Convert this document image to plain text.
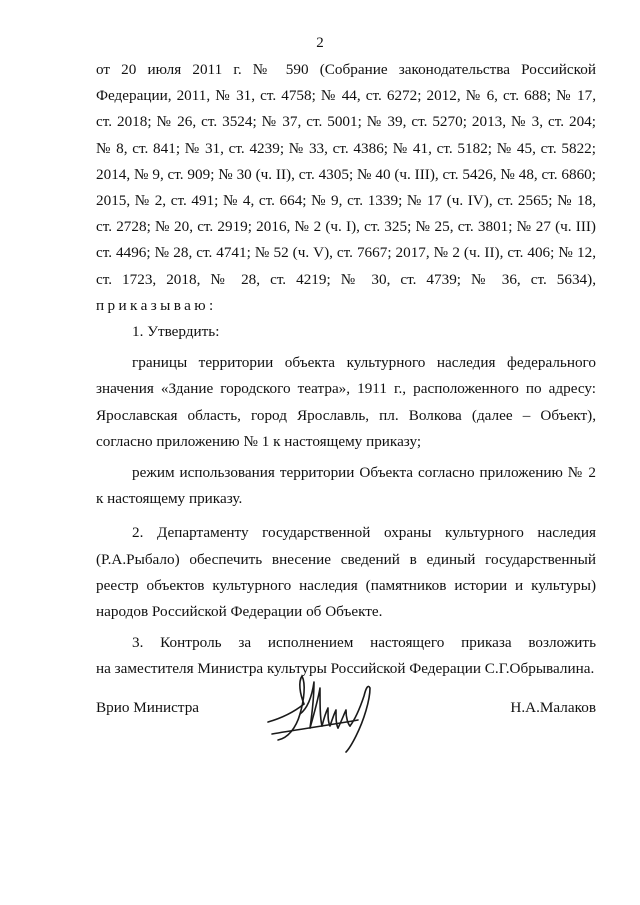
2

от 20 июля 2011 г. № 590 (Собрание законодательства Российской

Федерации, 2011, № 31, ст. 4758; № 44, ст. 6272; 2012, № 6, ст. 688; № 17,

ст. 2018; № 26, ст. 3524; № 37, ст. 5001; № 39, ст. 5270; 2013, № 3, ст. 204;

№ 8, ст. 841; № 31, ст. 4239; № 33, ст. 4386; № 41, ст. 5182; № 45, ст. 5822;

2014, № 9, ст. 909; № 30 (ч. II), ст. 4305; № 40 (ч. III), ст. 5426, № 48, ст. 6860;

2015, № 2, ст. 491; № 4, ст. 664; № 9, ст. 1339; № 17 (ч. IV), ст. 2565; № 18,

ст. 2728; № 20, ст. 2919; 2016, № 2 (ч. I), ст. 325; № 25, ст. 3801; № 27 (ч. III)

ст. 4496; № 28, ст. 4741; № 52 (ч. V), ст. 7667; 2017, № 2 (ч. II), ст. 406; № 12,

ст. 1723, 2018, № 28, ст. 4219; № 30, ст. 4739; № 36, ст. 5634),

приказываю:

1. Утвердить:

границы территории объекта культурного наследия федерального

значения «Здание городского театра», 1911 г., расположенного по адресу:

Ярославская область, город Ярославль, пл. Волкова (далее – Объект),

согласно приложению № 1 к настоящему приказу;

режим использования территории Объекта согласно приложению № 2

к настоящему приказу.

2. Департаменту государственной охраны культурного наследия

(Р.А.Рыбало) обеспечить внесение сведений в единый государственный

реестр объектов культурного наследия (памятников истории и культуры)

народов Российской Федерации об Объекте.

3. Контроль за исполнением настоящего приказа возложить

на заместителя Министра культуры Российской Федерации С.Г.Обрывалина.

Врио Министра	Н.А.Малаков
